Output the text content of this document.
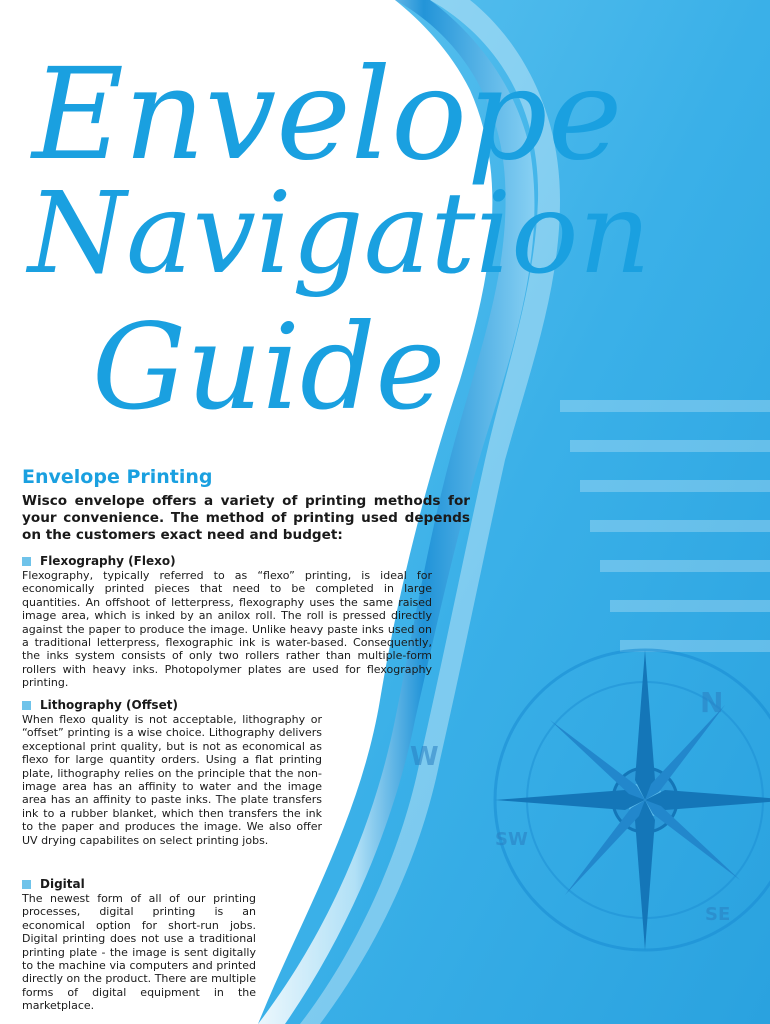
N
W
SW
SE
Envelope
Navigation
Guide
Envelope Printing

Wisco envelope offers a variety of printing methods for your convenience. The method of printing used depends on the customers exact need and budget:

Flexography (Flexo)

Flexography, typically referred to as “flexo” printing, is ideal for economically printed pieces that need to be completed in large quantities. An offshoot of letterpress, flexography uses the same raised image area, which is inked by an anilox roll. The roll is pressed directly against the paper to produce the image. Unlike heavy paste inks used on a traditional letterpress, flexographic ink is water-based. Consequently, the inks system consists of only two rollers rather than multiple-form rollers with heavy inks. Photopolymer plates are used for flexography printing.

Lithography (Offset)

When flexo quality is not acceptable, lithography or “offset” printing is a wise choice. Lithography delivers exceptional print quality, but is not as economical as flexo for large quantity orders. Using a flat printing plate, lithography relies on the principle that the non-image area has an affinity to water and the image area has an affinity to paste inks. The plate transfers ink to a rubber blanket, which then transfers the ink to the paper and produces the image. We also offer UV drying capabilites on select printing jobs.

Digital

The newest form of all of our printing processes, digital printing is an economical option for short-run jobs. Digital printing does not use a traditional printing plate - the image is sent digitally to the machine via computers and printed directly on the product. There are multiple forms of digital equipment in the marketplace.
